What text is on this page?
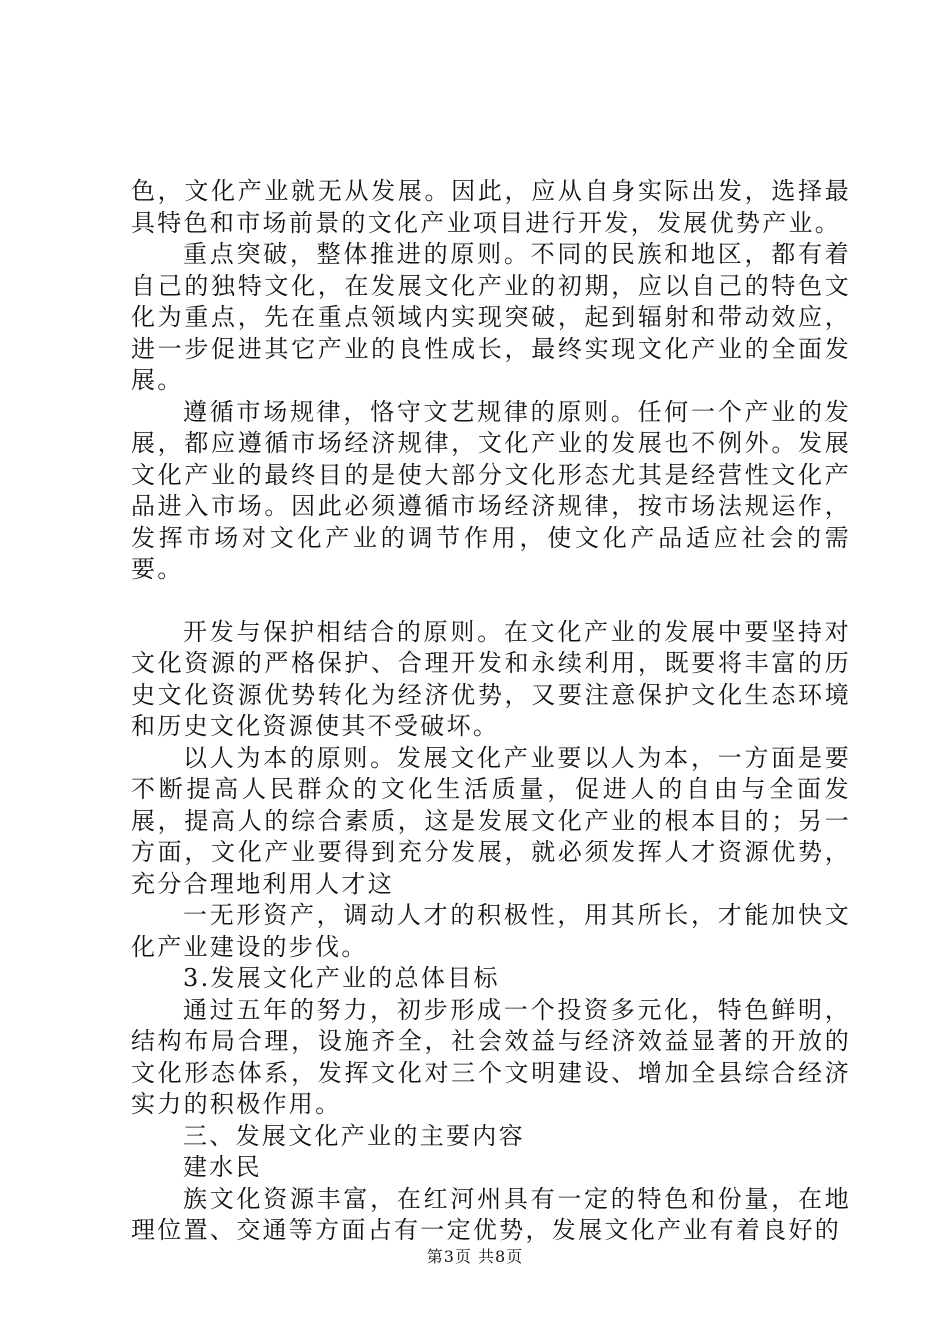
色，文化产业就无从发展。因此，应从自身实际出发，选择最具特色和市场前景的文化产业项目进行开发，发展优势产业。

重点突破，整体推进的原则。不同的民族和地区，都有着自己的独特文化，在发展文化产业的初期，应以自己的特色文化为重点，先在重点领域内实现突破，起到辐射和带动效应，进一步促进其它产业的良性成长，最终实现文化产业的全面发展。

遵循市场规律，恪守文艺规律的原则。任何一个产业的发展，都应遵循市场经济规律，文化产业的发展也不例外。发展文化产业的最终目的是使大部分文化形态尤其是经营性文化产品进入市场。因此必须遵循市场经济规律，按市场法规运作，发挥市场对文化产业的调节作用，使文化产品适应社会的需要。

开发与保护相结合的原则。在文化产业的发展中要坚持对文化资源的严格保护、合理开发和永续利用，既要将丰富的历史文化资源优势转化为经济优势，又要注意保护文化生态环境和历史文化资源使其不受破坏。

以人为本的原则。发展文化产业要以人为本，一方面是要不断提高人民群众的文化生活质量，促进人的自由与全面发展，提高人的综合素质，这是发展文化产业的根本目的；另一方面，文化产业要得到充分发展，就必须发挥人才资源优势，充分合理地利用人才这

一无形资产，调动人才的积极性，用其所长，才能加快文化产业建设的步伐。

3.发展文化产业的总体目标

通过五年的努力，初步形成一个投资多元化，特色鲜明，结构布局合理，设施齐全，社会效益与经济效益显著的开放的文化形态体系，发挥文化对三个文明建设、增加全县综合经济实力的积极作用。

三、发展文化产业的主要内容

建水民

族文化资源丰富，在红河州具有一定的特色和份量，在地理位置、交通等方面占有一定优势，发展文化产业有着良好的

第3页 共8页
